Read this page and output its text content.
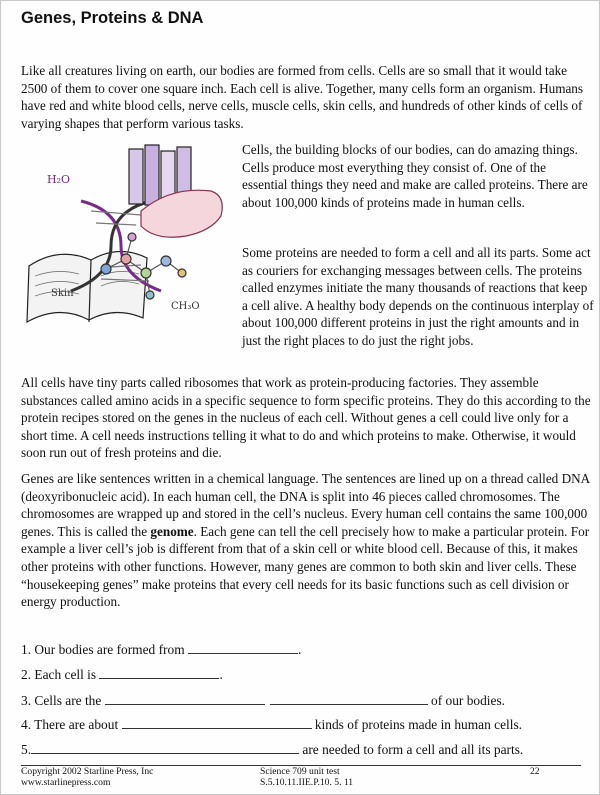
Genes, Proteins & DNA

Like all creatures living on earth, our bodies are formed from cells. Cells are so small that it would take 2500 of them to cover one square inch. Each cell is alive. Together, many cells form an organism. Humans have red and white blood cells, nerve cells, muscle cells, skin cells, and hundreds of other kinds of cells of varying shapes that perform various tasks.

H₂O
Skin
CH₃O

Cells, the building blocks of our bodies, can do amazing things. Cells produce most everything they consist of. One of the essential things they need and make are called proteins. There are about 100,000 kinds of proteins made in human cells.

Some proteins are needed to form a cell and all its parts. Some act as couriers for exchanging messages between cells. The proteins called enzymes initiate the many thousands of reactions that keep a cell alive. A healthy body depends on the continuous interplay of about 100,000 different proteins in just the right amounts and in just the right places to do just the right jobs.

All cells have tiny parts called ribosomes that work as protein-producing factories. They assemble substances called amino acids in a specific sequence to form specific proteins. They do this according to the protein recipes stored on the genes in the nucleus of each cell. Without genes a cell could live only for a short time. A cell needs instructions telling it what to do and which proteins to make. Otherwise, it would soon run out of fresh proteins and die.

Genes are like sentences written in a chemical language. The sentences are lined up on a thread called DNA (deoxyribonucleic acid). In each human cell, the DNA is split into 46 pieces called chromosomes. The chromosomes are wrapped up and stored in the cell’s nucleus. Every human cell contains the same 100,000 genes. This is called the genome. Each gene can tell the cell precisely how to make a particular protein. For example a liver cell’s job is different from that of a skin cell or white blood cell. Because of this, it makes other proteins with other functions. However, many genes are common to both skin and liver cells. These “housekeeping genes” make proteins that every cell needs for its basic functions such as cell division or energy production.

1. Our bodies are formed from	.
2. Each cell is	.
3. Cells are the	of our bodies.
4. There are about	kinds of proteins made in human cells.
5.	are needed to form a cell and all its parts.
Copyright 2002 Starline Press, Inc
www.starlinepress.com
Science 709 unit test
S.5.10.11.IIE.P.10. 5. 11
22
